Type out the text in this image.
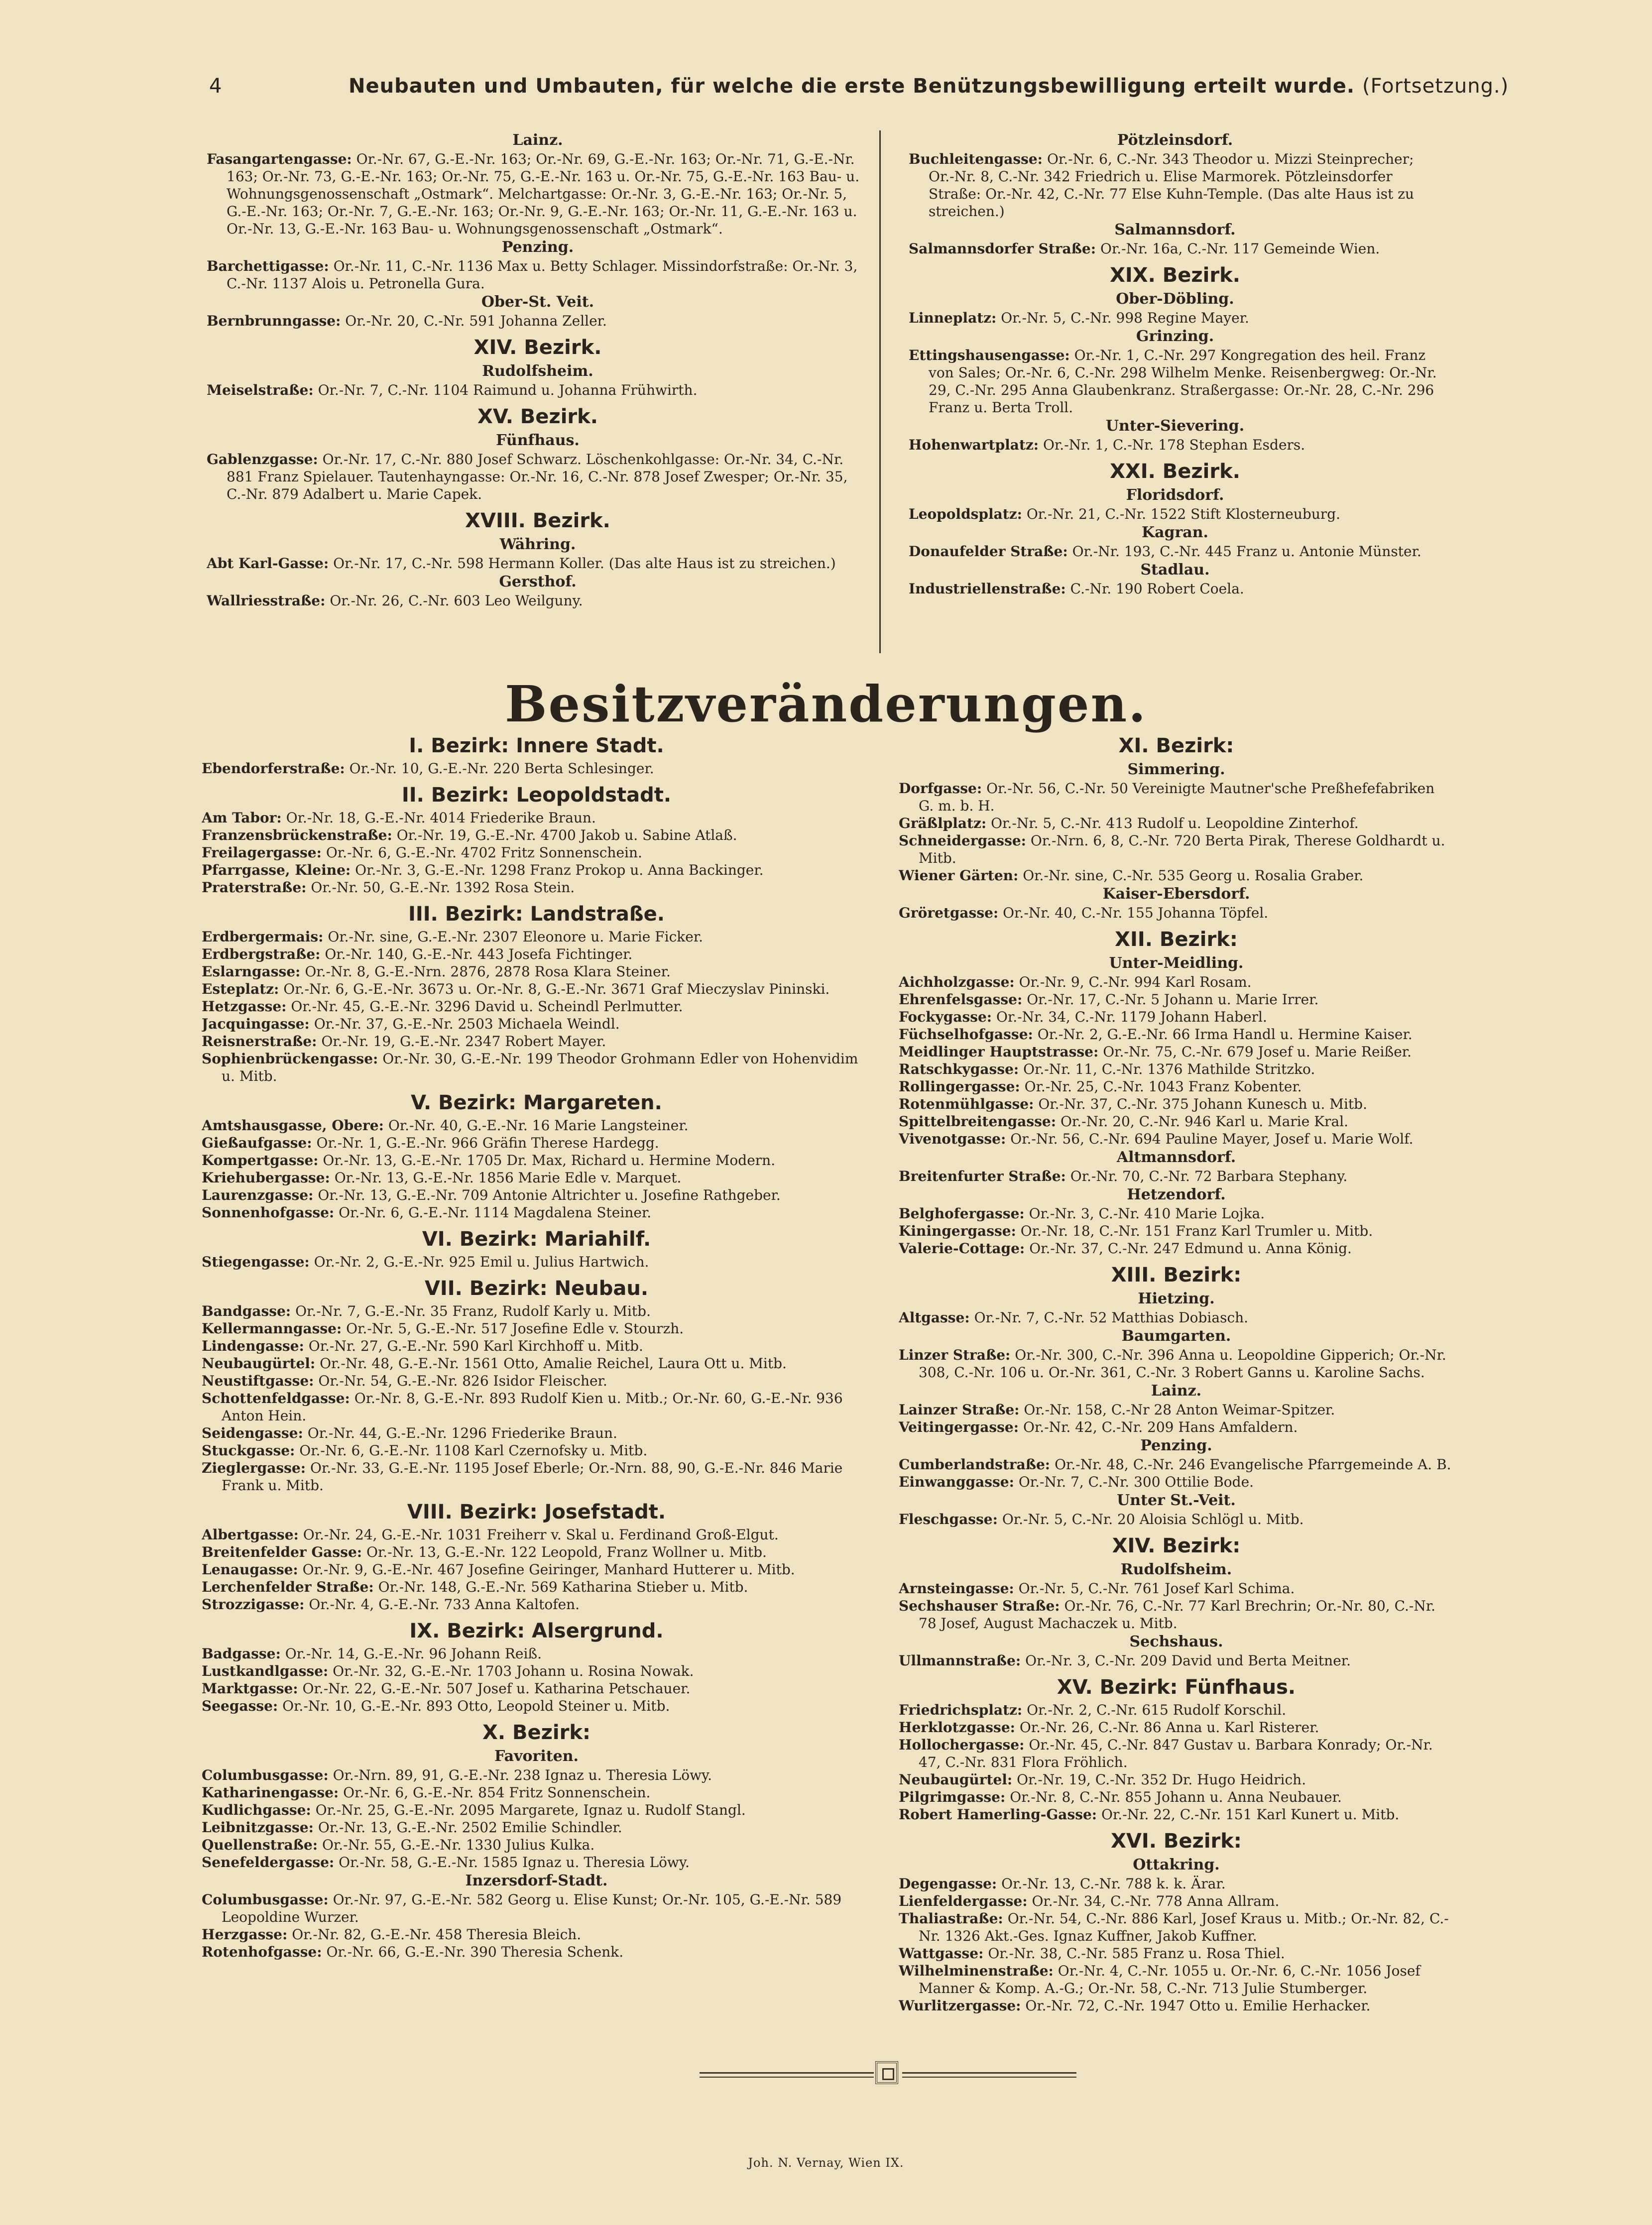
4	Neubauten und Umbauten, für welche die erste Benützungsbewilligung erteilt wurde. (Fortsetzung.)
Lainz.
Fasangartengasse: Or.-Nr. 67, G.-E.-Nr. 163; Or.-Nr. 69, G.-E.-Nr. 163; Or.-Nr. 71, G.-E.-Nr. 163; Or.-Nr. 73, G.-E.-Nr. 163; Or.-Nr. 75, G.-E.-Nr. 163 u. Or.-Nr. 75, G.-E.-Nr. 163 Bau- u. Wohnungsgenossenschaft „Ostmark“. Melchartgasse: Or.-Nr. 3, G.-E.-Nr. 163; Or.-Nr. 5, G.-E.-Nr. 163; Or.-Nr. 7, G.-E.-Nr. 163; Or.-Nr. 9, G.-E.-Nr. 163; Or.-Nr. 11, G.-E.-Nr. 163 u. Or.-Nr. 13, G.-E.-Nr. 163 Bau- u. Wohnungsgenossenschaft „Ostmark“.
Penzing.
Barchettigasse: Or.-Nr. 11, C.-Nr. 1136 Max u. Betty Schlager. Missindorfstraße: Or.-Nr. 3, C.-Nr. 1137 Alois u. Petronella Gura.
Ober-St. Veit.
Bernbrunngasse: Or.-Nr. 20, C.-Nr. 591 Johanna Zeller.
XIV. Bezirk.
Rudolfsheim.
Meiselstraße: Or.-Nr. 7, C.-Nr. 1104 Raimund u. Johanna Frühwirth.
XV. Bezirk.
Fünfhaus.
Gablenzgasse: Or.-Nr. 17, C.-Nr. 880 Josef Schwarz. Löschenkohlgasse: Or.-Nr. 34, C.-Nr. 881 Franz Spielauer. Tautenhayngasse: Or.-Nr. 16, C.-Nr. 878 Josef Zwesper; Or.-Nr. 35, C.-Nr. 879 Adalbert u. Marie Capek.
XVIII. Bezirk.
Währing.
Abt Karl-Gasse: Or.-Nr. 17, C.-Nr. 598 Hermann Koller. (Das alte Haus ist zu streichen.)
Gersthof.
Wallriesstraße: Or.-Nr. 26, C.-Nr. 603 Leo Weilguny.
Pötzleinsdorf.
Buchleitengasse: Or.-Nr. 6, C.-Nr. 343 Theodor u. Mizzi Steinprecher; Or.-Nr. 8, C.-Nr. 342 Friedrich u. Elise Marmorek. Pötzleinsdorfer Straße: Or.-Nr. 42, C.-Nr. 77 Else Kuhn-Temple. (Das alte Haus ist zu streichen.)
Salmannsdorf.
Salmannsdorfer Straße: Or.-Nr. 16a, C.-Nr. 117 Gemeinde Wien.
XIX. Bezirk.
Ober-Döbling.
Linneplatz: Or.-Nr. 5, C.-Nr. 998 Regine Mayer.
Grinzing.
Ettingshausengasse: Or.-Nr. 1, C.-Nr. 297 Kongregation des heil. Franz von Sales; Or.-Nr. 6, C.-Nr. 298 Wilhelm Menke. Reisenbergweg: Or.-Nr. 29, C.-Nr. 295 Anna Glaubenkranz. Straßergasse: Or.-Nr. 28, C.-Nr. 296 Franz u. Berta Troll.
Unter-Sievering.
Hohenwartplatz: Or.-Nr. 1, C.-Nr. 178 Stephan Esders.
XXI. Bezirk.
Floridsdorf.
Leopoldsplatz: Or.-Nr. 21, C.-Nr. 1522 Stift Klosterneuburg.
Kagran.
Donaufelder Straße: Or.-Nr. 193, C.-Nr. 445 Franz u. Antonie Münster.
Stadlau.
Industriellenstraße: C.-Nr. 190 Robert Coela.
Besitzveränderungen.
I. Bezirk: Innere Stadt.
Ebendorferstraße: Or.-Nr. 10, G.-E.-Nr. 220 Berta Schlesinger.
II. Bezirk: Leopoldstadt.
Am Tabor: Or.-Nr. 18, G.-E.-Nr. 4014 Friederike Braun.
Franzensbrückenstraße: Or.-Nr. 19, G.-E.-Nr. 4700 Jakob u. Sabine Atlaß.
Freilagergasse: Or.-Nr. 6, G.-E.-Nr. 4702 Fritz Sonnenschein.
Pfarrgasse, Kleine: Or.-Nr. 3, G.-E.-Nr. 1298 Franz Prokop u. Anna Backinger.
Praterstraße: Or.-Nr. 50, G.-E.-Nr. 1392 Rosa Stein.
III. Bezirk: Landstraße.
Erdbergermais: Or.-Nr. sine, G.-E.-Nr. 2307 Eleonore u. Marie Ficker.
Erdbergstraße: Or.-Nr. 140, G.-E.-Nr. 443 Josefa Fichtinger.
Eslarngasse: Or.-Nr. 8, G.-E.-Nrn. 2876, 2878 Rosa Klara Steiner.
Esteplatz: Or.-Nr. 6, G.-E.-Nr. 3673 u. Or.-Nr. 8, G.-E.-Nr. 3671 Graf Mieczyslav Pininski.
Hetzgasse: Or.-Nr. 45, G.-E.-Nr. 3296 David u. Scheindl Perlmutter.
Jacquingasse: Or.-Nr. 37, G.-E.-Nr. 2503 Michaela Weindl.
Reisnerstraße: Or.-Nr. 19, G.-E.-Nr. 2347 Robert Mayer.
Sophienbrückengasse: Or.-Nr. 30, G.-E.-Nr. 199 Theodor Grohmann Edler von Hohenvidim u. Mitb.
V. Bezirk: Margareten.
Amtshausgasse, Obere: Or.-Nr. 40, G.-E.-Nr. 16 Marie Langsteiner.
Gießaufgasse: Or.-Nr. 1, G.-E.-Nr. 966 Gräfin Therese Hardegg.
Kompertgasse: Or.-Nr. 13, G.-E.-Nr. 1705 Dr. Max, Richard u. Hermine Modern.
Kriehubergasse: Or.-Nr. 13, G.-E.-Nr. 1856 Marie Edle v. Marquet.
Laurenzgasse: Or.-Nr. 13, G.-E.-Nr. 709 Antonie Altrichter u. Josefine Rathgeber.
Sonnenhofgasse: Or.-Nr. 6, G.-E.-Nr. 1114 Magdalena Steiner.
VI. Bezirk: Mariahilf.
Stiegengasse: Or.-Nr. 2, G.-E.-Nr. 925 Emil u. Julius Hartwich.
VII. Bezirk: Neubau.
Bandgasse: Or.-Nr. 7, G.-E.-Nr. 35 Franz, Rudolf Karly u. Mitb.
Kellermanngasse: Or.-Nr. 5, G.-E.-Nr. 517 Josefine Edle v. Stourzh.
Lindengasse: Or.-Nr. 27, G.-E.-Nr. 590 Karl Kirchhoff u. Mitb.
Neubaugürtel: Or.-Nr. 48, G.-E.-Nr. 1561 Otto, Amalie Reichel, Laura Ott u. Mitb.
Neustiftgasse: Or.-Nr. 54, G.-E.-Nr. 826 Isidor Fleischer.
Schottenfeldgasse: Or.-Nr. 8, G.-E.-Nr. 893 Rudolf Kien u. Mitb.; Or.-Nr. 60, G.-E.-Nr. 936 Anton Hein.
Seidengasse: Or.-Nr. 44, G.-E.-Nr. 1296 Friederike Braun.
Stuckgasse: Or.-Nr. 6, G.-E.-Nr. 1108 Karl Czernofsky u. Mitb.
Zieglergasse: Or.-Nr. 33, G.-E.-Nr. 1195 Josef Eberle; Or.-Nrn. 88, 90, G.-E.-Nr. 846 Marie Frank u. Mitb.
VIII. Bezirk: Josefstadt.
Albertgasse: Or.-Nr. 24, G.-E.-Nr. 1031 Freiherr v. Skal u. Ferdinand Groß-Elgut.
Breitenfelder Gasse: Or.-Nr. 13, G.-E.-Nr. 122 Leopold, Franz Wollner u. Mitb.
Lenaugasse: Or.-Nr. 9, G.-E.-Nr. 467 Josefine Geiringer, Manhard Hutterer u. Mitb.
Lerchenfelder Straße: Or.-Nr. 148, G.-E.-Nr. 569 Katharina Stieber u. Mitb.
Strozzigasse: Or.-Nr. 4, G.-E.-Nr. 733 Anna Kaltofen.
IX. Bezirk: Alsergrund.
Badgasse: Or.-Nr. 14, G.-E.-Nr. 96 Johann Reiß.
Lustkandlgasse: Or.-Nr. 32, G.-E.-Nr. 1703 Johann u. Rosina Nowak.
Marktgasse: Or.-Nr. 22, G.-E.-Nr. 507 Josef u. Katharina Petschauer.
Seegasse: Or.-Nr. 10, G.-E.-Nr. 893 Otto, Leopold Steiner u. Mitb.
X. Bezirk:
Favoriten.
Columbusgasse: Or.-Nrn. 89, 91, G.-E.-Nr. 238 Ignaz u. Theresia Löwy.
Katharinengasse: Or.-Nr. 6, G.-E.-Nr. 854 Fritz Sonnenschein.
Kudlichgasse: Or.-Nr. 25, G.-E.-Nr. 2095 Margarete, Ignaz u. Rudolf Stangl.
Leibnitzgasse: Or.-Nr. 13, G.-E.-Nr. 2502 Emilie Schindler.
Quellenstraße: Or.-Nr. 55, G.-E.-Nr. 1330 Julius Kulka.
Senefeldergasse: Or.-Nr. 58, G.-E.-Nr. 1585 Ignaz u. Theresia Löwy.
Inzersdorf-Stadt.
Columbusgasse: Or.-Nr. 97, G.-E.-Nr. 582 Georg u. Elise Kunst; Or.-Nr. 105, G.-E.-Nr. 589 Leopoldine Wurzer.
Herzgasse: Or.-Nr. 82, G.-E.-Nr. 458 Theresia Bleich.
Rotenhofgasse: Or.-Nr. 66, G.-E.-Nr. 390 Theresia Schenk.
XI. Bezirk:
Simmering.
Dorfgasse: Or.-Nr. 56, C.-Nr. 50 Vereinigte Mautner'sche Preßhefefabriken G. m. b. H.
Gräßlplatz: Or.-Nr. 5, C.-Nr. 413 Rudolf u. Leopoldine Zinterhof.
Schneidergasse: Or.-Nrn. 6, 8, C.-Nr. 720 Berta Pirak, Therese Goldhardt u. Mitb.
Wiener Gärten: Or.-Nr. sine, C.-Nr. 535 Georg u. Rosalia Graber.
Kaiser-Ebersdorf.
Gröretgasse: Or.-Nr. 40, C.-Nr. 155 Johanna Töpfel.
XII. Bezirk:
Unter-Meidling.
Aichholzgasse: Or.-Nr. 9, C.-Nr. 994 Karl Rosam.
Ehrenfelsgasse: Or.-Nr. 17, C.-Nr. 5 Johann u. Marie Irrer.
Fockygasse: Or.-Nr. 34, C.-Nr. 1179 Johann Haberl.
Füchselhofgasse: Or.-Nr. 2, G.-E.-Nr. 66 Irma Handl u. Hermine Kaiser.
Meidlinger Hauptstrasse: Or.-Nr. 75, C.-Nr. 679 Josef u. Marie Reißer.
Ratschkygasse: Or.-Nr. 11, C.-Nr. 1376 Mathilde Stritzko.
Rollingergasse: Or.-Nr. 25, C.-Nr. 1043 Franz Kobenter.
Rotenmühlgasse: Or.-Nr. 37, C.-Nr. 375 Johann Kunesch u. Mitb.
Spittelbreitengasse: Or.-Nr. 20, C.-Nr. 946 Karl u. Marie Kral.
Vivenotgasse: Or.-Nr. 56, C.-Nr. 694 Pauline Mayer, Josef u. Marie Wolf.
Altmannsdorf.
Breitenfurter Straße: Or.-Nr. 70, C.-Nr. 72 Barbara Stephany.
Hetzendorf.
Belghofergasse: Or.-Nr. 3, C.-Nr. 410 Marie Lojka.
Kiningergasse: Or.-Nr. 18, C.-Nr. 151 Franz Karl Trumler u. Mitb.
Valerie-Cottage: Or.-Nr. 37, C.-Nr. 247 Edmund u. Anna König.
XIII. Bezirk:
Hietzing.
Altgasse: Or.-Nr. 7, C.-Nr. 52 Matthias Dobiasch.
Baumgarten.
Linzer Straße: Or.-Nr. 300, C.-Nr. 396 Anna u. Leopoldine Gipperich; Or.-Nr. 308, C.-Nr. 106 u. Or.-Nr. 361, C.-Nr. 3 Robert Ganns u. Karoline Sachs.
Lainz.
Lainzer Straße: Or.-Nr. 158, C.-Nr 28 Anton Weimar-Spitzer.
Veitingergasse: Or.-Nr. 42, C.-Nr. 209 Hans Amfaldern.
Penzing.
Cumberlandstraße: Or.-Nr. 48, C.-Nr. 246 Evangelische Pfarrgemeinde A. B.
Einwanggasse: Or.-Nr. 7, C.-Nr. 300 Ottilie Bode.
Unter St.-Veit.
Fleschgasse: Or.-Nr. 5, C.-Nr. 20 Aloisia Schlögl u. Mitb.
XIV. Bezirk:
Rudolfsheim.
Arnsteingasse: Or.-Nr. 5, C.-Nr. 761 Josef Karl Schima.
Sechshauser Straße: Or.-Nr. 76, C.-Nr. 77 Karl Brechrin; Or.-Nr. 80, C.-Nr. 78 Josef, August Machaczek u. Mitb.
Sechshaus.
Ullmannstraße: Or.-Nr. 3, C.-Nr. 209 David und Berta Meitner.
XV. Bezirk: Fünfhaus.
Friedrichsplatz: Or.-Nr. 2, C.-Nr. 615 Rudolf Korschil.
Herklotzgasse: Or.-Nr. 26, C.-Nr. 86 Anna u. Karl Risterer.
Hollochergasse: Or.-Nr. 45, C.-Nr. 847 Gustav u. Barbara Konrady; Or.-Nr. 47, C.-Nr. 831 Flora Fröhlich.
Neubaugürtel: Or.-Nr. 19, C.-Nr. 352 Dr. Hugo Heidrich.
Pilgrimgasse: Or.-Nr. 8, C.-Nr. 855 Johann u. Anna Neubauer.
Robert Hamerling-Gasse: Or.-Nr. 22, C.-Nr. 151 Karl Kunert u. Mitb.
XVI. Bezirk:
Ottakring.
Degengasse: Or.-Nr. 13, C.-Nr. 788 k. k. Ärar.
Lienfeldergasse: Or.-Nr. 34, C.-Nr. 778 Anna Allram.
Thaliastraße: Or.-Nr. 54, C.-Nr. 886 Karl, Josef Kraus u. Mitb.; Or.-Nr. 82, C.-Nr. 1326 Akt.-Ges. Ignaz Kuffner, Jakob Kuffner.
Wattgasse: Or.-Nr. 38, C.-Nr. 585 Franz u. Rosa Thiel.
Wilhelminenstraße: Or.-Nr. 4, C.-Nr. 1055 u. Or.-Nr. 6, C.-Nr. 1056 Josef Manner & Komp. A.-G.; Or.-Nr. 58, C.-Nr. 713 Julie Stumberger.
Wurlitzergasse: Or.-Nr. 72, C.-Nr. 1947 Otto u. Emilie Herhacker.
Joh. N. Vernay, Wien IX.
